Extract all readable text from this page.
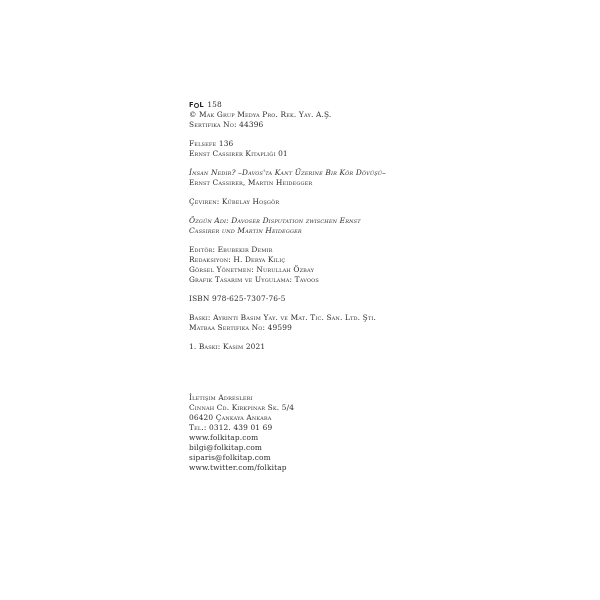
F L 158
© Mak Grup Medya Pro. Rek. Yay. A.Ş.
Sertifika No: 44396
Felsefe 136
Ernst Cassirer Kitaplığı 01
İnsan Nedir? –Davos'ta Kant Üzerine Bir Kör Dövüşü–
Ernst Cassirer, Martin Heidegger
Çeviren: Kübelay Hoşgör
Özgün Adı: Davoser Disputation zwischen Ernst
Cassirer und Martin Heidegger
Editör: Ebubekir Demir
Redaksiyon: H. Derya Kılıç
Görsel Yönetmen: Nurullah Özbay
Grafik Tasarım ve Uygulama: Tavoos
ISBN 978-625-7307-76-5
Baskı: Ayrıntı Basım Yay. ve Mat. Tic. San. Ltd. Şti.
Matbaa Sertifika No: 49599
1. Baskı: Kasım 2021
İletişim Adresleri
Cinnah Cd. Kırkpınar Sk. 5/4
06420 Çankaya Ankara
Tel.: 0312. 439 01 69
www.folkitap.com
bilgi@folkitap.com
siparis@folkitap.com
www.twitter.com/folkitap
